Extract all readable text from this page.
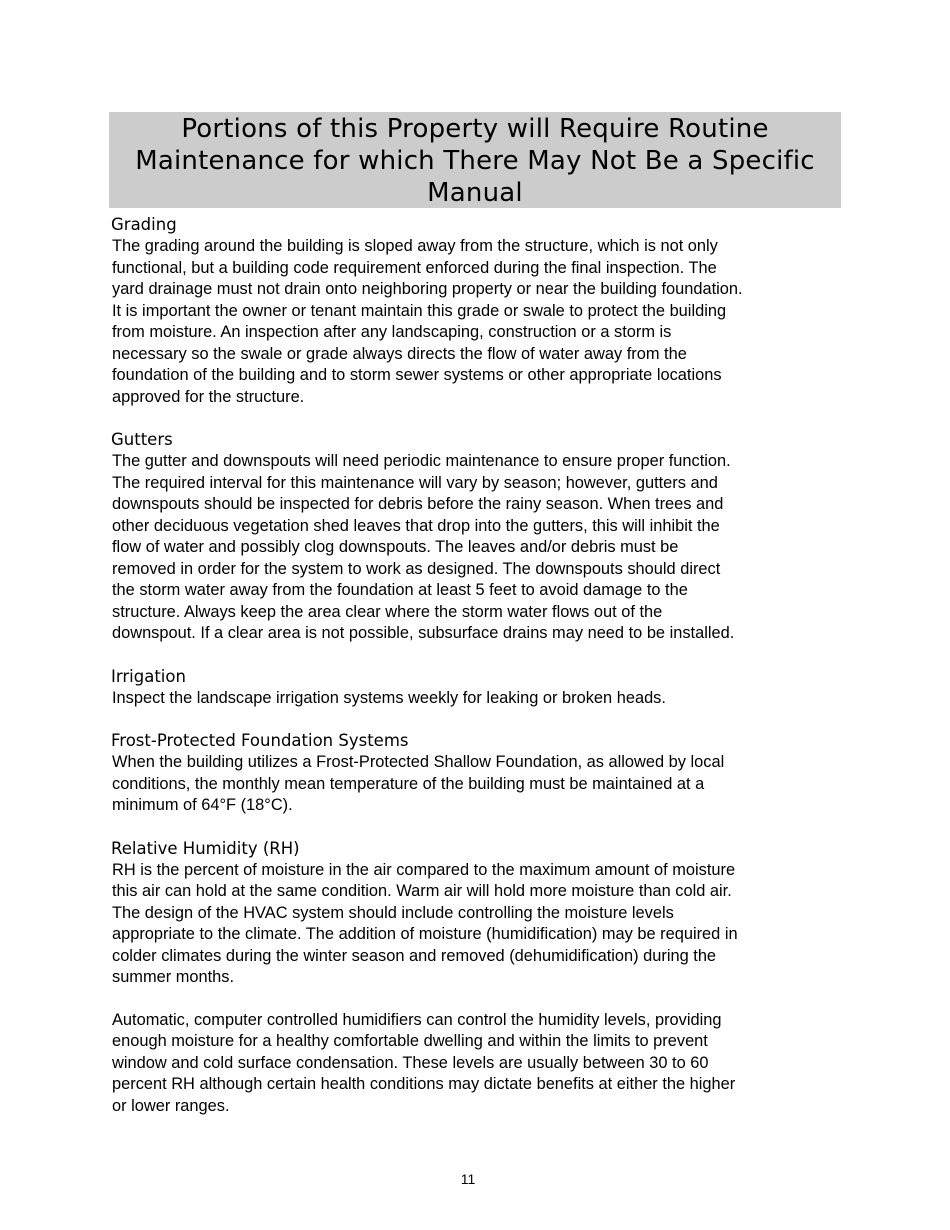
Portions of this Property will Require Routine
Maintenance for which There May Not Be a Specific
Manual
Grading
The grading around the building is sloped away from the structure, which is not only
functional, but a building code requirement enforced during the final inspection. The
yard drainage must not drain onto neighboring property or near the building foundation.
It is important the owner or tenant maintain this grade or swale to protect the building
from moisture. An inspection after any landscaping, construction or a storm is
necessary so the swale or grade always directs the flow of water away from the
foundation of the building and to storm sewer systems or other appropriate locations
approved for the structure.
Gutters
The gutter and downspouts will need periodic maintenance to ensure proper function.
The required interval for this maintenance will vary by season; however, gutters and
downspouts should be inspected for debris before the rainy season. When trees and
other deciduous vegetation shed leaves that drop into the gutters, this will inhibit the
flow of water and possibly clog downspouts. The leaves and/or debris must be
removed in order for the system to work as designed. The downspouts should direct
the storm water away from the foundation at least 5 feet to avoid damage to the
structure. Always keep the area clear where the storm water flows out of the
downspout. If a clear area is not possible, subsurface drains may need to be installed.
Irrigation
Inspect the landscape irrigation systems weekly for leaking or broken heads.
Frost-Protected Foundation Systems
When the building utilizes a Frost-Protected Shallow Foundation, as allowed by local
conditions, the monthly mean temperature of the building must be maintained at a
minimum of 64°F (18°C).
Relative Humidity (RH)
RH is the percent of moisture in the air compared to the maximum amount of moisture
this air can hold at the same condition. Warm air will hold more moisture than cold air.
The design of the HVAC system should include controlling the moisture levels
appropriate to the climate. The addition of moisture (humidification) may be required in
colder climates during the winter season and removed (dehumidification) during the
summer months.
Automatic, computer controlled humidifiers can control the humidity levels, providing
enough moisture for a healthy comfortable dwelling and within the limits to prevent
window and cold surface condensation. These levels are usually between 30 to 60
percent RH although certain health conditions may dictate benefits at either the higher
or lower ranges.
11
